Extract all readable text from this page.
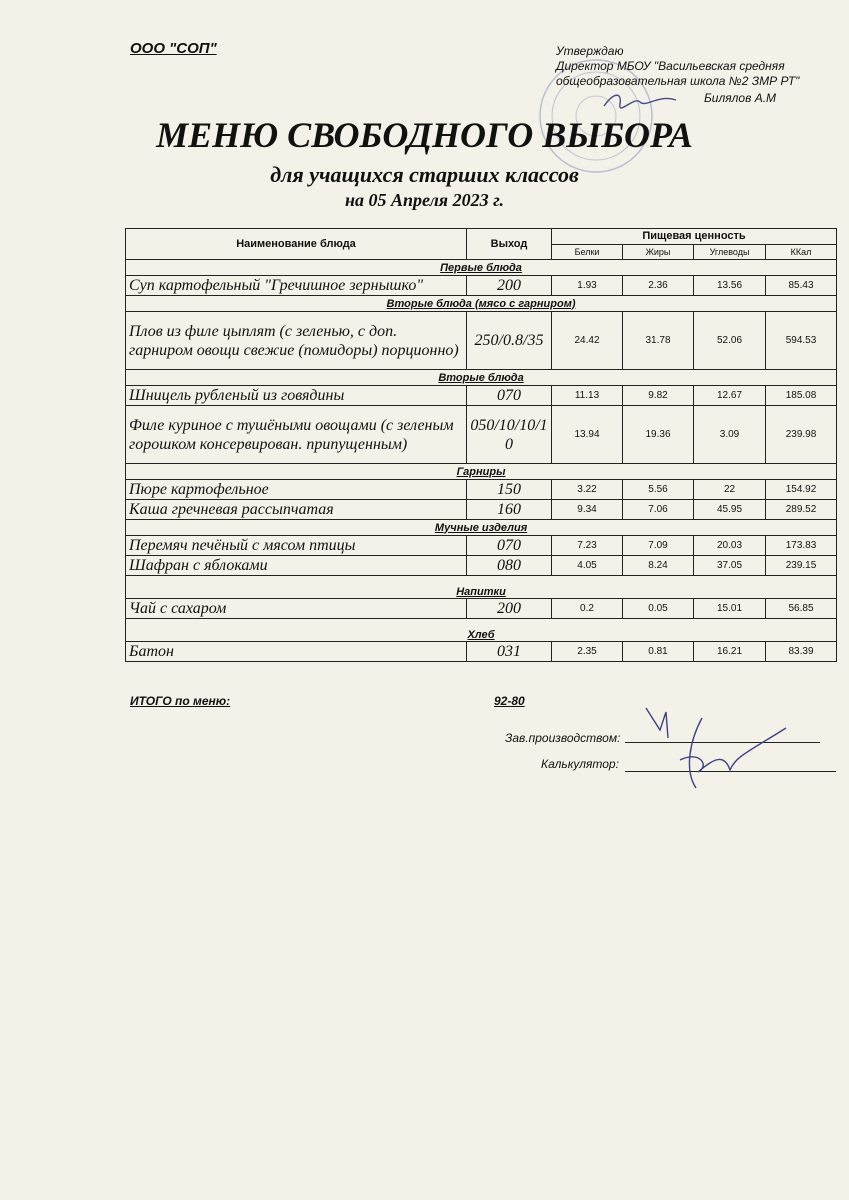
ООО "СОП"	Утверждаю
Директор МБОУ "Васильевская средняя
общеобразовательная школа №2 ЗМР РТ"
Билялов А.М
МЕНЮ СВОБОДНОГО ВЫБОРА
для учащихся старших классов
на 05 Апреля 2023 г.
Наименование блюда	Выход	Пищевая ценность			
		Белки	Жиры	Углеводы	ККал
Первые блюда					
Суп картофельный "Гречишное зернышко"	200	1.93	2.36	13.56	85.43
Вторые блюда (мясо с гарниром)					
Плов из филе цыплят (с зеленью, с доп. гарниром овощи свежие (помидоры) порционно)	250/0.8/35	24.42	31.78	52.06	594.53
Вторые блюда					
Шницель рубленый из говядины	070	11.13	9.82	12.67	185.08
Филе куриное с тушёными овощами (с зеленым горошком консервирован. припущенным)	050/10/10/10	13.94	19.36	3.09	239.98
Гарниры					
Пюре картофельное	150	3.22	5.56	22	154.92
Каша гречневая рассыпчатая	160	9.34	7.06	45.95	289.52
Мучные изделия					
Перемяч печёный с мясом птицы	070	7.23	7.09	20.03	173.83
Шафран с яблоками	080	4.05	8.24	37.05	239.15
Напитки					
Чай с сахаром	200	0.2	0.05	15.01	56.85
Хлеб					
Батон	031	2.35	0.81	16.21	83.39
ИТОГО по меню:	92-80
Зав.производством:
Калькулятор:
